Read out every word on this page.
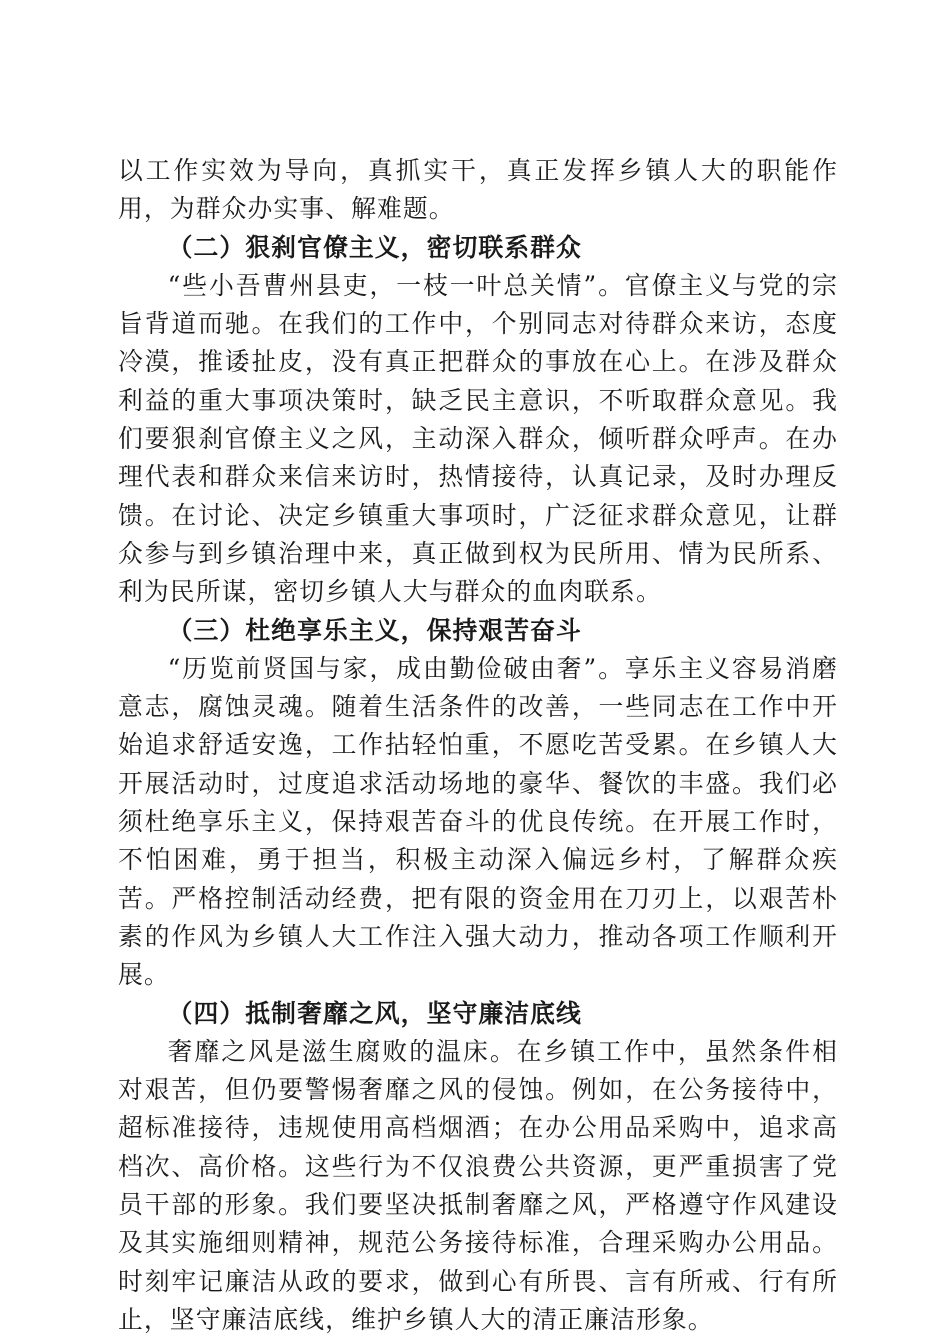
以工作实效为导向，真抓实干，真正发挥乡镇人大的职能作用，为群众办实事、解难题。

（二）狠刹官僚主义，密切联系群众

“些小吾曹州县吏，一枝一叶总关情”。官僚主义与党的宗旨背道而驰。在我们的工作中，个别同志对待群众来访，态度冷漠，推诿扯皮，没有真正把群众的事放在心上。在涉及群众利益的重大事项决策时，缺乏民主意识，不听取群众意见。我们要狠刹官僚主义之风，主动深入群众，倾听群众呼声。在办理代表和群众来信来访时，热情接待，认真记录，及时办理反馈。在讨论、决定乡镇重大事项时，广泛征求群众意见，让群众参与到乡镇治理中来，真正做到权为民所用、情为民所系、利为民所谋，密切乡镇人大与群众的血肉联系。

（三）杜绝享乐主义，保持艰苦奋斗

“历览前贤国与家，成由勤俭破由奢”。享乐主义容易消磨意志，腐蚀灵魂。随着生活条件的改善，一些同志在工作中开始追求舒适安逸，工作拈轻怕重，不愿吃苦受累。在乡镇人大开展活动时，过度追求活动场地的豪华、餐饮的丰盛。我们必须杜绝享乐主义，保持艰苦奋斗的优良传统。在开展工作时，不怕困难，勇于担当，积极主动深入偏远乡村，了解群众疾苦。严格控制活动经费，把有限的资金用在刀刃上，以艰苦朴素的作风为乡镇人大工作注入强大动力，推动各项工作顺利开展。

（四）抵制奢靡之风，坚守廉洁底线

奢靡之风是滋生腐败的温床。在乡镇工作中，虽然条件相对艰苦，但仍要警惕奢靡之风的侵蚀。例如，在公务接待中，超标准接待，违规使用高档烟酒；在办公用品采购中，追求高档次、高价格。这些行为不仅浪费公共资源，更严重损害了党员干部的形象。我们要坚决抵制奢靡之风，严格遵守作风建设及其实施细则精神，规范公务接待标准，合理采购办公用品。时刻牢记廉洁从政的要求，做到心有所畏、言有所戒、行有所止，坚守廉洁底线，维护乡镇人大的清正廉洁形象。
